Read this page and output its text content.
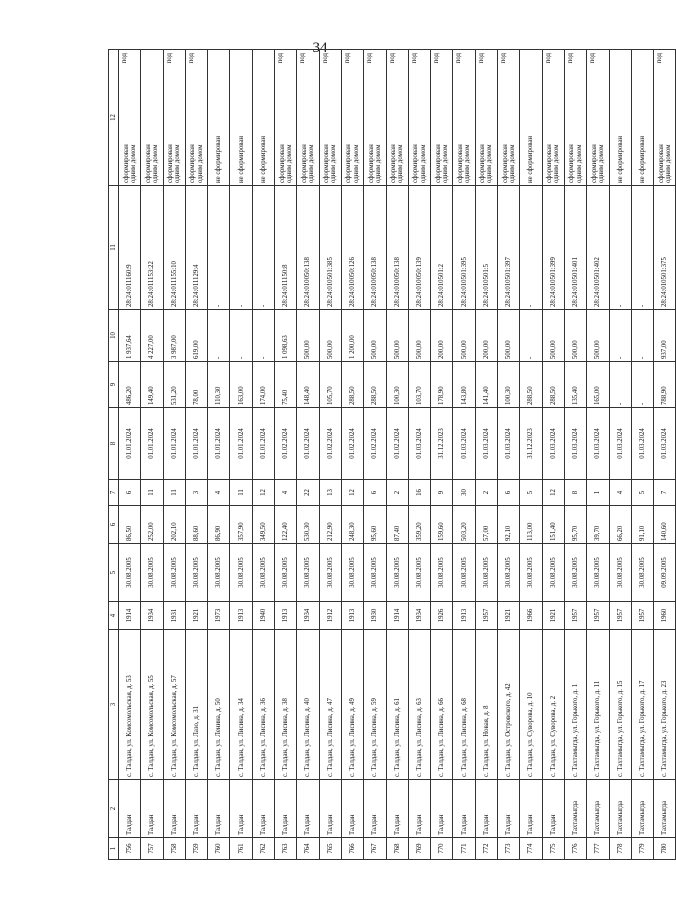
34
1	2	3	4	5	6	7	8	9	10	11	12
756	Талдан	с. Талдан, ул. Комсомольская, д. 53	1914	30.08.2005	86,50	6	01.01.2024	486,20	1 937,64	28:24:011160:9	сформирован одним домом
под

757	Талдан	с. Талдан, ул. Комсомольская, д. 55	1934	30.08.2005	252,00	11	01.01.2024	149,40	4 227,00	28:24:011153:22	сформирован одним домом

758	Талдан	с. Талдан, ул. Комсомольская, д. 57	1931	30.08.2005	202,10	11	01.01.2024	531,20	3 987,00	28:24:011155:10	сформирован одним домом
под

759	Талдан	с. Талдан, ул. Лазо, д. 31	1921	30.08.2005	88,60	3	01.01.2024	78,00	619,00	28:24:011129:4	сформирован одним домом
под

760	Талдан	с. Талдан, ул. Ленина, д. 50	1973	30.08.2005	86,90	4	01.01.2024	110,30	-	-	не сформирован

761	Талдан	с. Талдан, ул. Лисина, д. 34	1913	30.08.2005	357,90	11	01.01.2024	163,00	-	-	не сформирован

762	Талдан	с. Талдан, ул. Лисина, д. 36	1940	30.08.2005	349,50	12	01.01.2024	174,00	-	-	не сформирован

763	Талдан	с. Талдан, ул. Лисина, д. 38	1913	30.08.2005	122,40	4	01.02.2024	75,40	1 098,63	28:24:011150:8	сформирован одним домом
под

764	Талдан	с. Талдан, ул. Лисина, д. 40	1934	30.08.2005	530,30	22	01.02.2024	148,40	500,00	28:24:010050:138	сформирован одним домом
под

765	Талдан	с. Талдан, ул. Лисина, д. 47	1912	30.08.2005	212,90	13	01.02.2024	105,70	500,00	28:24:010501:385	сформирован одним домом
под

766	Талдан	с. Талдан, ул. Лисина, д. 49	1913	30.08.2005	248,30	12	01.02.2024	288,50	1 200,00	28:24:010050:126	сформирован одним домом
под

767	Талдан	с. Талдан, ул. Лисина, д. 59	1930	30.08.2005	95,60	6	01.02.2024	288,50	500,00	28:24:010050:138	сформирован одним домом
под

768	Талдан	с. Талдан, ул. Лисина, д. 61	1914	30.08.2005	87,40	2	01.02.2024	100,30	500,00	28:24:010050:138	сформирован одним домом
под

769	Талдан	с. Талдан, ул. Лисина, д. 63	1934	30.08.2005	359,20	16	01.03.2024	103,70	500,00	28:24:010050:139	сформирован одним домом
под

770	Талдан	с. Талдан, ул. Лисина, д. 66	1926	30.08.2005	159,60	9	31.12.2023	178,90	200,00	28:24:010501:2	сформирован одним домом
под

771	Талдан	с. Талдан, ул. Лисина, д. 68	1913	30.08.2005	503,20	30	01.03.2024	143,80	500,00	28:24:010501:395	сформирован одним домом
под

772	Талдан	с. Талдан, ул. Новая, д. 8	1957	30.08.2005	57,00	2	01.03.2024	141,40	200,00	28:24:010501:5	сформирован одним домом
под

773	Талдан	с. Талдан, ул. Островского, д. 42	1921	30.08.2005	92,10	6	01.03.2024	100,30	500,00	28:24:010501:397	сформирован одним домом
под

774	Талдан	с. Талдан, ул. Суворова, д. 10	1966	30.08.2005	113,00	5	31.12.2023	288,50	-	-	не сформирован

775	Талдан	с. Талдан, ул. Суворова, д. 2	1921	30.08.2005	151,40	12	01.03.2024	288,50	500,00	28:24:010501:399	сформирован одним домом
под

776	Тахтамыгда	с. Тахтамыгда, ул. Горького, д. 1	1957	30.08.2005	95,70	8	01.03.2024	135,40	500,00	28:24:010501:401	сформирован одним домом
под

777	Тахтамыгда	с. Тахтамыгда, ул. Горького, д. 11	1957	30.08.2005	39,70	1	01.03.2024	165,00	500,00	28:24:010501:402	сформирован одним домом
под

778	Тахтамыгда	с. Тахтамыгда, ул. Горького, д. 15	1957	30.08.2005	66,20	4	01.03.2024	-	-	-	не сформирован

779	Тахтамыгда	с. Тахтамыгда, ул. Горького, д. 17	1957	30.08.2005	91,10	5	01.03.2024	-	-	-	не сформирован

780	Тахтамыгда	с. Тахтамыгда, ул. Горького, д. 23	1960	09.09.2005	140,60	7	01.03.2024	788,90	937,00	28:24:010501:375	сформирован одним домом
под
